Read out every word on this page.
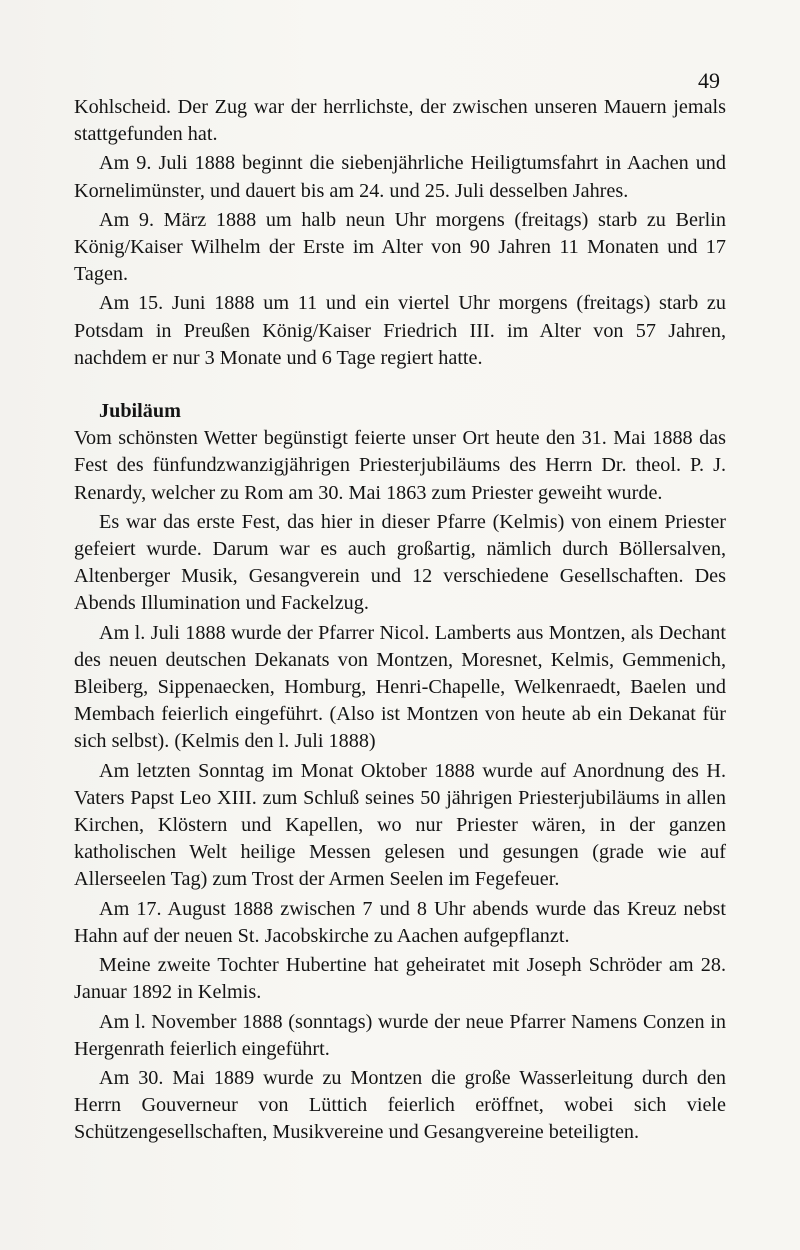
49

Kohlscheid. Der Zug war der herrlichste, der zwischen unseren Mauern jemals stattgefunden hat.

Am 9. Juli 1888 beginnt die siebenjährliche Heiligtumsfahrt in Aachen und Kornelimünster, und dauert bis am 24. und 25. Juli desselben Jahres.

Am 9. März 1888 um halb neun Uhr morgens (freitags) starb zu Berlin König/Kaiser Wilhelm der Erste im Alter von 90 Jahren 11 Monaten und 17 Tagen.

Am 15. Juni 1888 um 11 und ein viertel Uhr morgens (freitags) starb zu Potsdam in Preußen König/Kaiser Friedrich III. im Alter von 57 Jahren, nachdem er nur 3 Monate und 6 Tage regiert hatte.

Jubiläum

Vom schönsten Wetter begünstigt feierte unser Ort heute den 31. Mai 1888 das Fest des fünfundzwanzigjährigen Priesterjubiläums des Herrn Dr. theol. P. J. Renardy, welcher zu Rom am 30. Mai 1863 zum Priester geweiht wurde.

Es war das erste Fest, das hier in dieser Pfarre (Kelmis) von einem Priester gefeiert wurde. Darum war es auch großartig, nämlich durch Böllersalven, Altenberger Musik, Gesangverein und 12 verschiedene Gesellschaften. Des Abends Illumination und Fackelzug.

Am l. Juli 1888 wurde der Pfarrer Nicol. Lamberts aus Montzen, als Dechant des neuen deutschen Dekanats von Montzen, Moresnet, Kelmis, Gemmenich, Bleiberg, Sippenaecken, Homburg, Henri-Chapelle, Welkenraedt, Baelen und Membach feierlich eingeführt. (Also ist Montzen von heute ab ein Dekanat für sich selbst). (Kelmis den l. Juli 1888)

Am letzten Sonntag im Monat Oktober 1888 wurde auf Anordnung des H. Vaters Papst Leo XIII. zum Schluß seines 50 jährigen Priesterjubiläums in allen Kirchen, Klöstern und Kapellen, wo nur Priester wären, in der ganzen katholischen Welt heilige Messen gelesen und gesungen (grade wie auf Allerseelen Tag) zum Trost der Armen Seelen im Fegefeuer.

Am 17. August 1888 zwischen 7 und 8 Uhr abends wurde das Kreuz nebst Hahn auf der neuen St. Jacobskirche zu Aachen aufgepflanzt.

Meine zweite Tochter Hubertine hat geheiratet mit Joseph Schröder am 28. Januar 1892 in Kelmis.

Am l. November 1888 (sonntags) wurde der neue Pfarrer Namens Conzen in Hergenrath feierlich eingeführt.

Am 30. Mai 1889 wurde zu Montzen die große Wasserleitung durch den Herrn Gouverneur von Lüttich feierlich eröffnet, wobei sich viele Schützengesellschaften, Musikvereine und Gesangvereine beteiligten.
